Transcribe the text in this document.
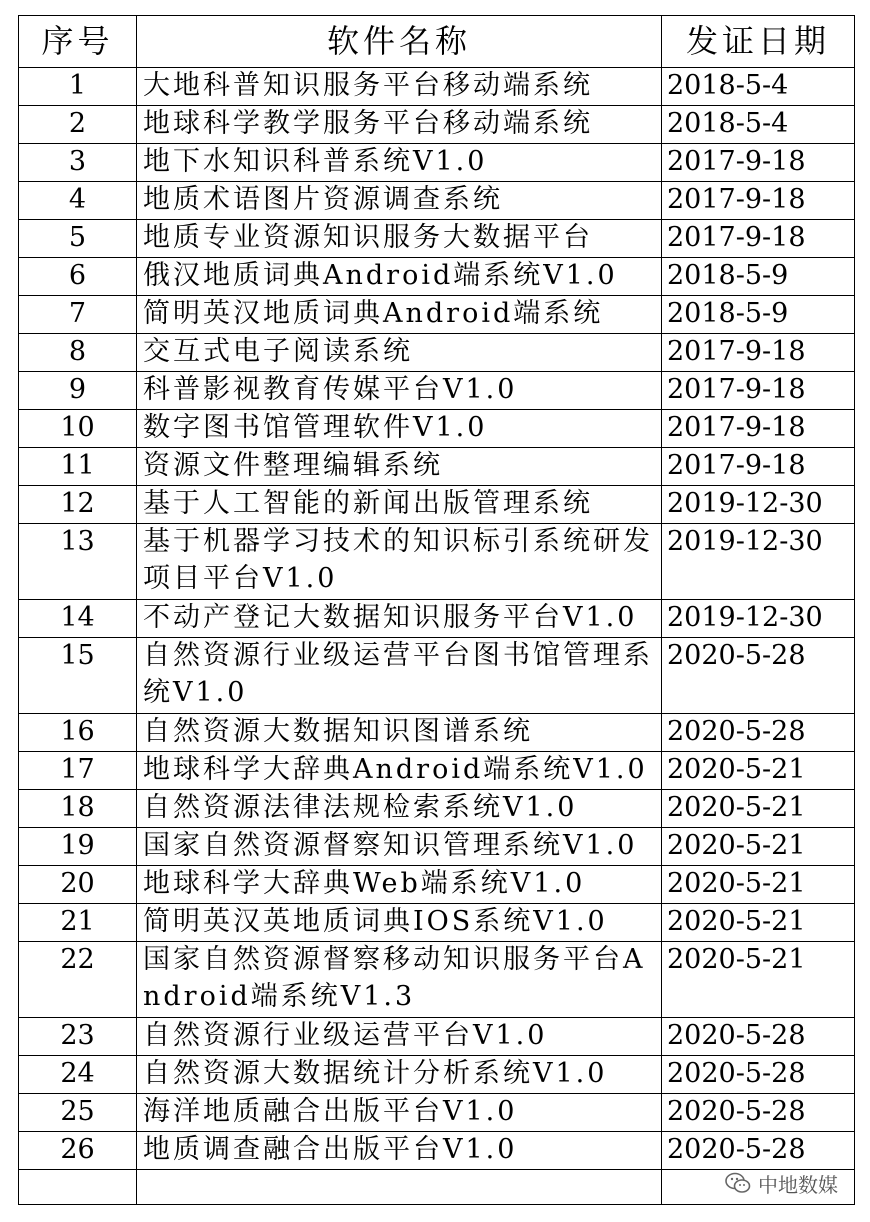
序号	软件名称	发证日期
1	大地科普知识服务平台移动端系统	2018-5-4
2	地球科学教学服务平台移动端系统	2018-5-4
3	地下水知识科普系统V1.0	2017-9-18
4	地质术语图片资源调查系统	2017-9-18
5	地质专业资源知识服务大数据平台	2017-9-18
6	俄汉地质词典Android端系统V1.0	2018-5-9
7	简明英汉地质词典Android端系统	2018-5-9
8	交互式电子阅读系统	2017-9-18
9	科普影视教育传媒平台V1.0	2017-9-18
10	数字图书馆管理软件V1.0	2017-9-18
11	资源文件整理编辑系统	2017-9-18
12	基于人工智能的新闻出版管理系统	2019-12-30
13	基于机器学习技术的知识标引系统研发项目平台V1.0	2019-12-30
14	不动产登记大数据知识服务平台V1.0	2019-12-30
15	自然资源行业级运营平台图书馆管理系统V1.0	2020-5-28
16	自然资源大数据知识图谱系统	2020-5-28
17	地球科学大辞典Android端系统V1.0	2020-5-21
18	自然资源法律法规检索系统V1.0	2020-5-21
19	国家自然资源督察知识管理系统V1.0	2020-5-21
20	地球科学大辞典Web端系统V1.0	2020-5-21
21	简明英汉英地质词典IOS系统V1.0	2020-5-21
22	国家自然资源督察移动知识服务平台Android端系统V1.3	2020-5-21
23	自然资源行业级运营平台V1.0	2020-5-28
24	自然资源大数据统计分析系统V1.0	2020-5-28
25	海洋地质融合出版平台V1.0	2020-5-28
26	地质调查融合出版平台V1.0	2020-5-28

中地数媒
